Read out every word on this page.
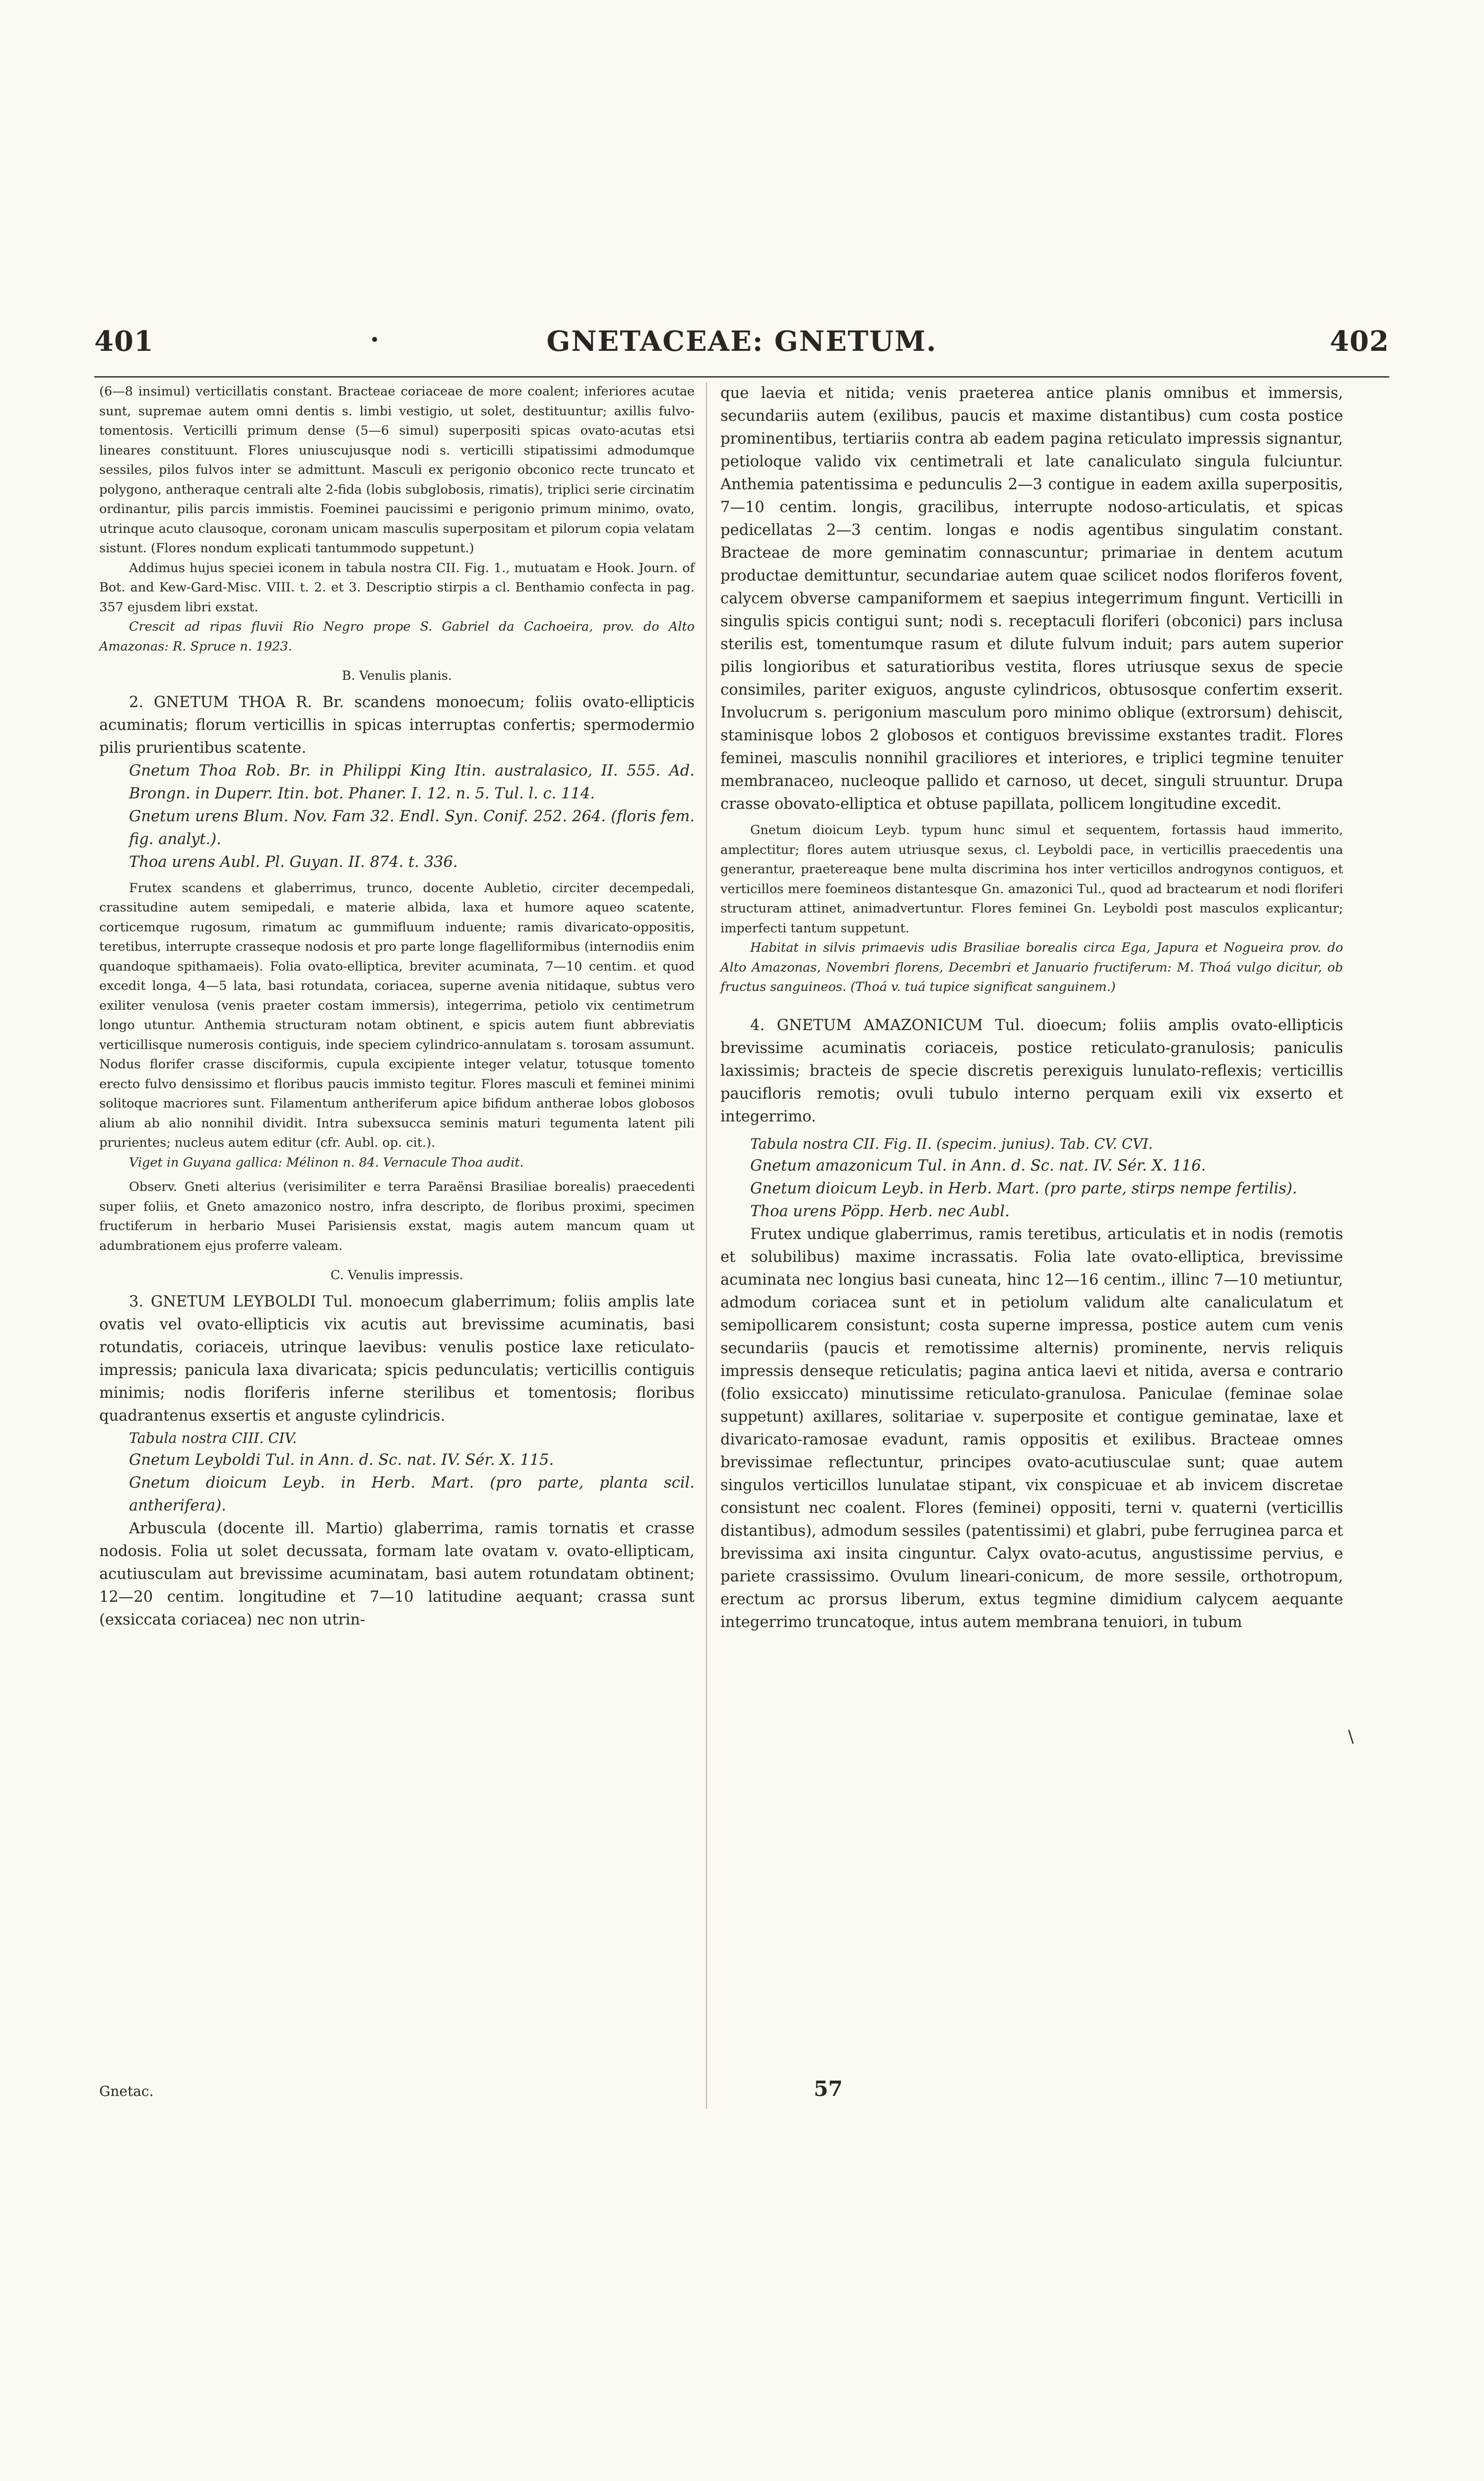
401	GNETACEAE: GNETUM.	402

(6—8 insimul) verticillatis constant. Bracteae coriaceae de more coalent; inferiores acutae sunt, supremae autem omni dentis s. limbi vestigio, ut solet, destituuntur; axillis fulvo-tomentosis. Verticilli primum dense (5—6 simul) superpositi spicas ovato-acutas etsi lineares constituunt. Flores uniuscujusque nodi s. verticilli stipatissimi admodumque sessiles, pilos fulvos inter se admittunt. Masculi ex perigonio obconico recte truncato et polygono, antheraque centrali alte 2-fida (lobis subglobosis, rimatis), triplici serie circinatim ordinantur, pilis parcis immistis. Foeminei paucissimi e perigonio primum minimo, ovato, utrinque acuto clausoque, coronam unicam masculis superpositam et pilorum copia velatam sistunt. (Flores nondum explicati tantummodo suppetunt.)

Addimus hujus speciei iconem in tabula nostra CII. Fig. 1., mutuatam e Hook. Journ. of Bot. and Kew-Gard-Misc. VIII. t. 2. et 3. Descriptio stirpis a cl. Benthamio confecta in pag. 357 ejusdem libri exstat.

Crescit ad ripas fluvii Rio Negro prope S. Gabriel da Cachoeira, prov. do Alto Amazonas: R. Spruce n. 1923.

B. Venulis planis.

2. GNETUM THOA R. Br. scandens monoecum; foliis ovato-ellipticis acuminatis; florum verticillis in spicas interruptas confertis; spermodermio pilis prurientibus scatente.

Gnetum Thoa Rob. Br. in Philippi King Itin. australasico, II. 555. Ad. Brongn. in Duperr. Itin. bot. Phaner. I. 12. n. 5. Tul. l. c. 114.

Gnetum urens Blum. Nov. Fam 32. Endl. Syn. Conif. 252. 264. (floris fem. fig. analyt.).

Thoa urens Aubl. Pl. Guyan. II. 874. t. 336.

Frutex scandens et glaberrimus, trunco, docente Aubletio, circiter decempedali, crassitudine autem semipedali, e materie albida, laxa et humore aqueo scatente, corticemque rugosum, rimatum ac gummifluum induente; ramis divaricato-oppositis, teretibus, interrupte crasseque nodosis et pro parte longe flagelliformibus (internodiis enim quandoque spithamaeis). Folia ovato-elliptica, breviter acuminata, 7—10 centim. et quod excedit longa, 4—5 lata, basi rotundata, coriacea, superne avenia nitidaque, subtus vero exiliter venulosa (venis praeter costam immersis), integerrima, petiolo vix centimetrum longo utuntur. Anthemia structuram notam obtinent, e spicis autem fiunt abbreviatis verticillisque numerosis contiguis, inde speciem cylindrico-annulatam s. torosam assumunt. Nodus florifer crasse disciformis, cupula excipiente integer velatur, totusque tomento erecto fulvo densissimo et floribus paucis immisto tegitur. Flores masculi et feminei minimi solitoque macriores sunt. Filamentum antheriferum apice bifidum antherae lobos globosos alium ab alio nonnihil dividit. Intra subexsucca seminis maturi tegumenta latent pili prurientes; nucleus autem editur (cfr. Aubl. op. cit.).

Viget in Guyana gallica: Mélinon n. 84. Vernacule Thoa audit.

Observ. Gneti alterius (verisimiliter e terra Paraënsi Brasiliae borealis) praecedenti super foliis, et Gneto amazonico nostro, infra descripto, de floribus proximi, specimen fructiferum in herbario Musei Parisiensis exstat, magis autem mancum quam ut adumbrationem ejus proferre valeam.

C. Venulis impressis.

3. GNETUM LEYBOLDI Tul. monoecum glaberrimum; foliis amplis late ovatis vel ovato-ellipticis vix acutis aut brevissime acuminatis, basi rotundatis, coriaceis, utrinque laevibus: venulis postice laxe reticulato-impressis; panicula laxa divaricata; spicis pedunculatis; verticillis contiguis minimis; nodis floriferis inferne sterilibus et tomentosis; floribus quadrantenus exsertis et anguste cylindricis.

Tabula nostra CIII. CIV.

Gnetum Leyboldi Tul. in Ann. d. Sc. nat. IV. Sér. X. 115.

Gnetum dioicum Leyb. in Herb. Mart. (pro parte, planta scil. antherifera).

Arbuscula (docente ill. Martio) glaberrima, ramis tornatis et crasse nodosis. Folia ut solet decussata, formam late ovatam v. ovato-ellipticam, acutiusculam aut brevissime acuminatam, basi autem rotundatam obtinent; 12—20 centim. longitudine et 7—10 latitudine aequant; crassa sunt (exsiccata coriacea) nec non utrin-

Gnetac.

que laevia et nitida; venis praeterea antice planis omnibus et immersis, secundariis autem (exilibus, paucis et maxime distantibus) cum costa postice prominentibus, tertiariis contra ab eadem pagina reticulato impressis signantur, petioloque valido vix centimetrali et late canaliculato singula fulciuntur. Anthemia patentissima e pedunculis 2—3 contigue in eadem axilla superpositis, 7—10 centim. longis, gracilibus, interrupte nodoso-articulatis, et spicas pedicellatas 2—3 centim. longas e nodis agentibus singulatim constant. Bracteae de more geminatim connascuntur; primariae in dentem acutum productae demittuntur, secundariae autem quae scilicet nodos floriferos fovent, calycem obverse campaniformem et saepius integerrimum fingunt. Verticilli in singulis spicis contigui sunt; nodi s. receptaculi floriferi (obconici) pars inclusa sterilis est, tomentumque rasum et dilute fulvum induit; pars autem superior pilis longioribus et saturatioribus vestita, flores utriusque sexus de specie consimiles, pariter exiguos, anguste cylindricos, obtusosque confertim exserit. Involucrum s. perigonium masculum poro minimo oblique (extrorsum) dehiscit, staminisque lobos 2 globosos et contiguos brevissime exstantes tradit. Flores feminei, masculis nonnihil graciliores et interiores, e triplici tegmine tenuiter membranaceo, nucleoque pallido et carnoso, ut decet, singuli struuntur. Drupa crasse obovato-elliptica et obtuse papillata, pollicem longitudine excedit.

Gnetum dioicum Leyb. typum hunc simul et sequentem, fortassis haud immerito, amplectitur; flores autem utriusque sexus, cl. Leyboldi pace, in verticillis praecedentis una generantur, praetereaque bene multa discrimina hos inter verticillos androgynos contiguos, et verticillos mere foemineos distantesque Gn. amazonici Tul., quod ad bractearum et nodi floriferi structuram attinet, animadvertuntur. Flores feminei Gn. Leyboldi post masculos explicantur; imperfecti tantum suppetunt.

Habitat in silvis primaevis udis Brasiliae borealis circa Ega, Japura et Nogueira prov. do Alto Amazonas, Novembri florens, Decembri et Januario fructiferum: M. Thoá vulgo dicitur, ob fructus sanguineos. (Thoá v. tuá tupice significat sanguinem.)

4. GNETUM AMAZONICUM Tul. dioecum; foliis amplis ovato-ellipticis brevissime acuminatis coriaceis, postice reticulato-granulosis; paniculis laxissimis; bracteis de specie discretis perexiguis lunulato-reflexis; verticillis paucifloris remotis; ovuli tubulo interno perquam exili vix exserto et integerrimo.

Tabula nostra CII. Fig. II. (specim. junius). Tab. CV. CVI.

Gnetum amazonicum Tul. in Ann. d. Sc. nat. IV. Sér. X. 116.

Gnetum dioicum Leyb. in Herb. Mart. (pro parte, stirps nempe fertilis).

Thoa urens Pöpp. Herb. nec Aubl.

Frutex undique glaberrimus, ramis teretibus, articulatis et in nodis (remotis et solubilibus) maxime incrassatis. Folia late ovato-elliptica, brevissime acuminata nec longius basi cuneata, hinc 12—16 centim., illinc 7—10 metiuntur, admodum coriacea sunt et in petiolum validum alte canaliculatum et semipollicarem consistunt; costa superne impressa, postice autem cum venis secundariis (paucis et remotissime alternis) prominente, nervis reliquis impressis denseque reticulatis; pagina antica laevi et nitida, aversa e contrario (folio exsiccato) minutissime reticulato-granulosa. Paniculae (feminae solae suppetunt) axillares, solitariae v. superposite et contigue geminatae, laxe et divaricato-ramosae evadunt, ramis oppositis et exilibus. Bracteae omnes brevissimae reflectuntur, principes ovato-acutiusculae sunt; quae autem singulos verticillos lunulatae stipant, vix conspicuae et ab invicem discretae consistunt nec coalent. Flores (feminei) oppositi, terni v. quaterni (verticillis distantibus), admodum sessiles (patentissimi) et glabri, pube ferruginea parca et brevissima axi insita cinguntur. Calyx ovato-acutus, angustissime pervius, e pariete crassissimo. Ovulum lineari-conicum, de more sessile, orthotropum, erectum ac prorsus liberum, extus tegmine dimidium calycem aequante integerrimo truncatoque, intus autem membrana tenuiori, in tubum

57
\
